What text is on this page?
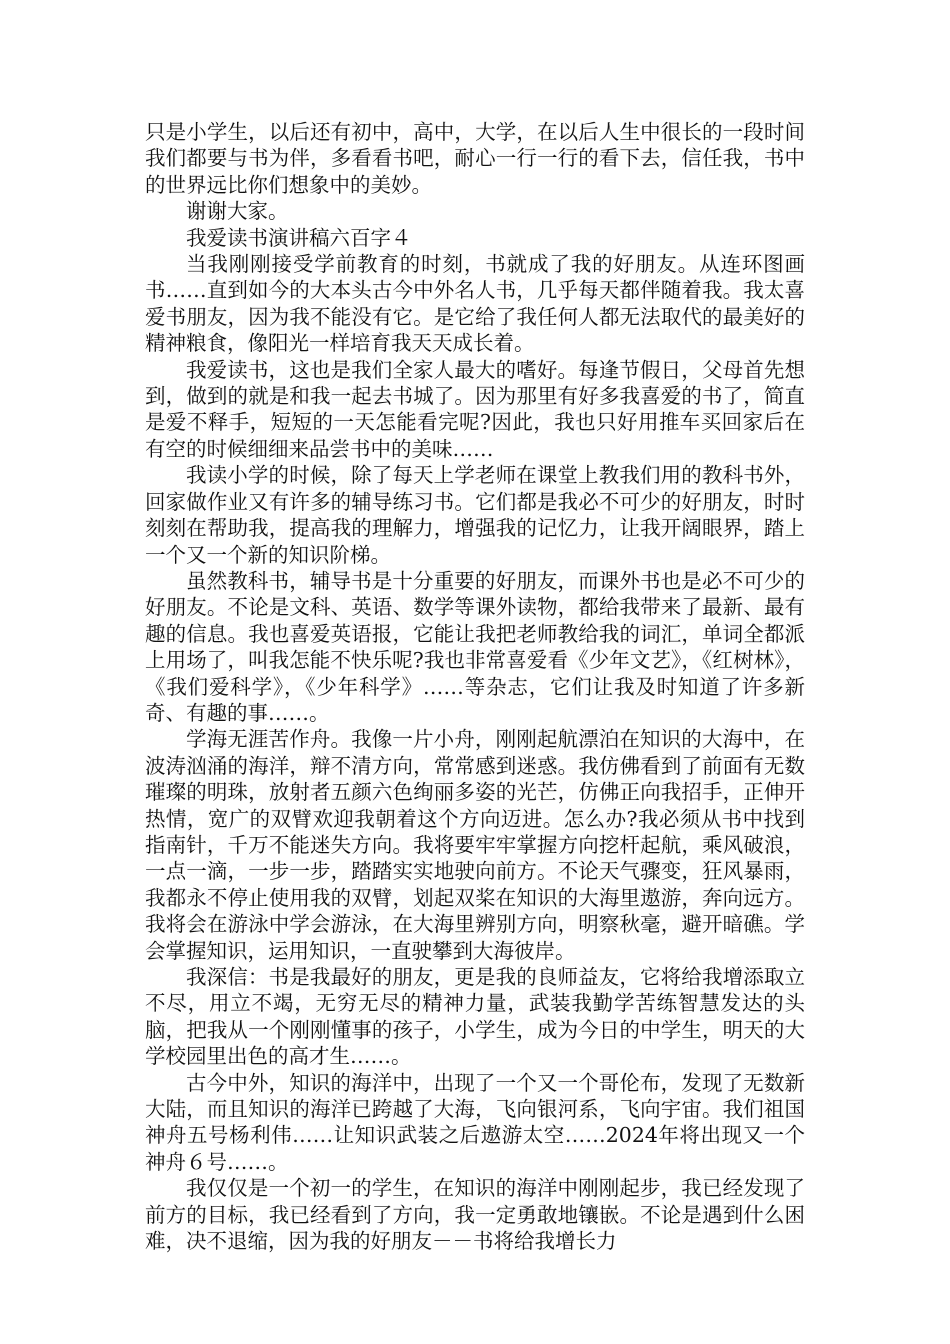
只是小学生，以后还有初中，高中，大学，在以后人生中很长的一段时间我们都要与书为伴，多看看书吧，耐心一行一行的看下去，信任我，书中的世界远比你们想象中的美妙。

谢谢大家。

我爱读书演讲稿六百字４

当我刚刚接受学前教育的时刻，书就成了我的好朋友。从连环图画书……直到如今的大本头古今中外名人书，几乎每天都伴随着我。我太喜爱书朋友，因为我不能没有它。是它给了我任何人都无法取代的最美好的精神粮食，像阳光一样培育我天天成长着。

我爱读书，这也是我们全家人最大的嗜好。每逢节假日，父母首先想到，做到的就是和我一起去书城了。因为那里有好多我喜爱的书了，简直是爱不释手，短短的一天怎能看完呢?因此，我也只好用推车买回家后在有空的时候细细来品尝书中的美味……

我读小学的时候，除了每天上学老师在课堂上教我们用的教科书外，回家做作业又有许多的辅导练习书。它们都是我必不可少的好朋友，时时刻刻在帮助我，提高我的理解力，增强我的记忆力，让我开阔眼界，踏上一个又一个新的知识阶梯。

虽然教科书，辅导书是十分重要的好朋友，而课外书也是必不可少的好朋友。不论是文科、英语、数学等课外读物，都给我带来了最新、最有趣的信息。我也喜爱英语报，它能让我把老师教给我的词汇，单词全都派上用场了，叫我怎能不快乐呢?我也非常喜爱看《少年文艺》，《红树林》，《我们爱科学》，《少年科学》……等杂志，它们让我及时知道了许多新奇、有趣的事……。

学海无涯苦作舟。我像一片小舟，刚刚起航漂泊在知识的大海中，在波涛汹涌的海洋，辩不清方向，常常感到迷惑。我仿佛看到了前面有无数璀璨的明珠，放射者五颜六色绚丽多姿的光芒，仿佛正向我招手，正伸开热情，宽广的双臂欢迎我朝着这个方向迈进。怎么办?我必须从书中找到指南针，千万不能迷失方向。我将要牢牢掌握方向挖杆起航，乘风破浪，一点一滴，一步一步，踏踏实实地驶向前方。不论天气骤变，狂风暴雨，我都永不停止使用我的双臂，划起双桨在知识的大海里遨游，奔向远方。我将会在游泳中学会游泳，在大海里辨别方向，明察秋毫，避开暗礁。学会掌握知识，运用知识，一直驶攀到大海彼岸。

我深信：书是我最好的朋友，更是我的良师益友，它将给我增添取立不尽，用立不竭，无穷无尽的精神力量，武装我勤学苦练智慧发达的头脑，把我从一个刚刚懂事的孩子，小学生，成为今日的中学生，明天的大学校园里出色的高才生……。

古今中外，知识的海洋中，出现了一个又一个哥伦布，发现了无数新大陆，而且知识的海洋已跨越了大海，飞向银河系，飞向宇宙。我们祖国神舟五号杨利伟……让知识武装之后遨游太空……2024年将出现又一个神舟６号……。

我仅仅是一个初一的学生，在知识的海洋中刚刚起步，我已经发现了前方的目标，我已经看到了方向，我一定勇敢地镶嵌。不论是遇到什么困难，决不退缩，因为我的好朋友－－书将给我增长力
